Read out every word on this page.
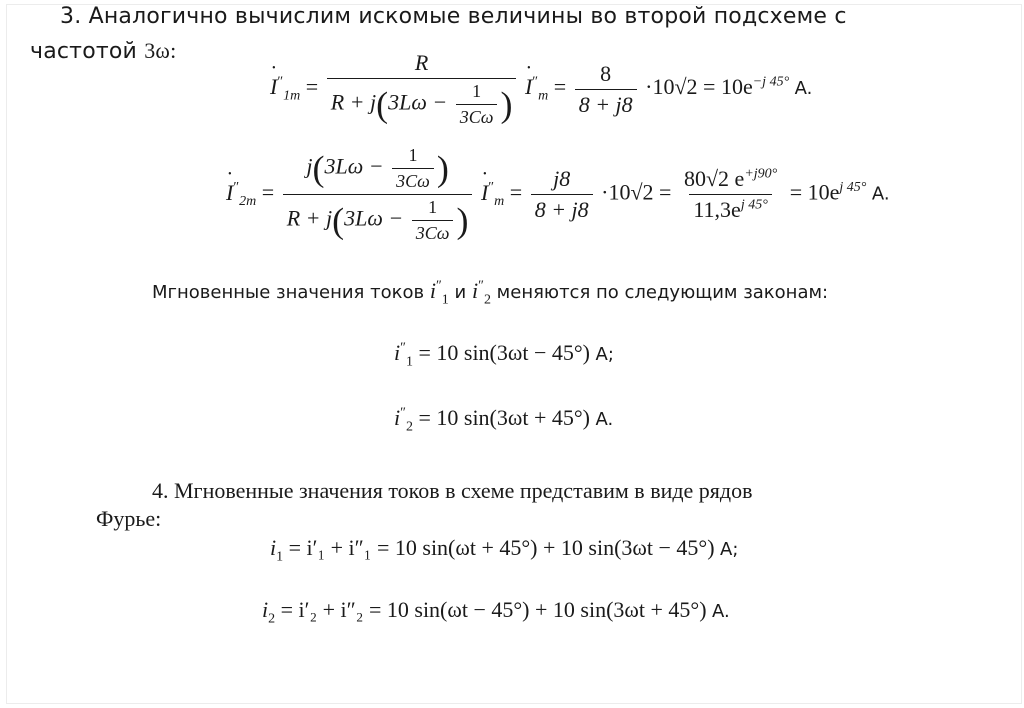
3. Аналогично вычислим искомые величины во второй подсхеме с
частотой 3ω:
• $I''_{1m} = \frac{R}{R + j(3L\omega - \frac{1}{3C\omega} )}$ • $I''_m = \frac{8}{8 + j8} \cdot 10√2 = 10e^{-j 45^\circ}$ A.
• $I''_{2m} = \frac{j(3L\omega - \frac{1}{3C\omega} )}{R + j(3L\omega - \frac{1}{3C\omega} )}$ • $I''_m = \frac{j8}{8 + j8} \cdot 10√2 = \frac{80√2 e^{+j90^\circ}}{11,3e^{j 45^\circ}} = 10e^{j 45^\circ}$ A.
Мгновенные значения токов $i''_1$ и $i''_2$ меняются по следующим законам:
$i''_1 = 10$ sin(3ωt − 45°) A;
$i''_2 = 10$ sin(3ωt + 45°) A.
4. Мгновенные значения токов в схеме представим в виде рядов
Фурье:
$i_1 = i'_1 + i''_1 = 10$ sin(ωt + 45°) + 10 sin(3ωt − 45°) A;
$i_2 = i'_2 + i''_2 = 10$ sin(ωt − 45°) + 10 sin(3ωt + 45°) A.
